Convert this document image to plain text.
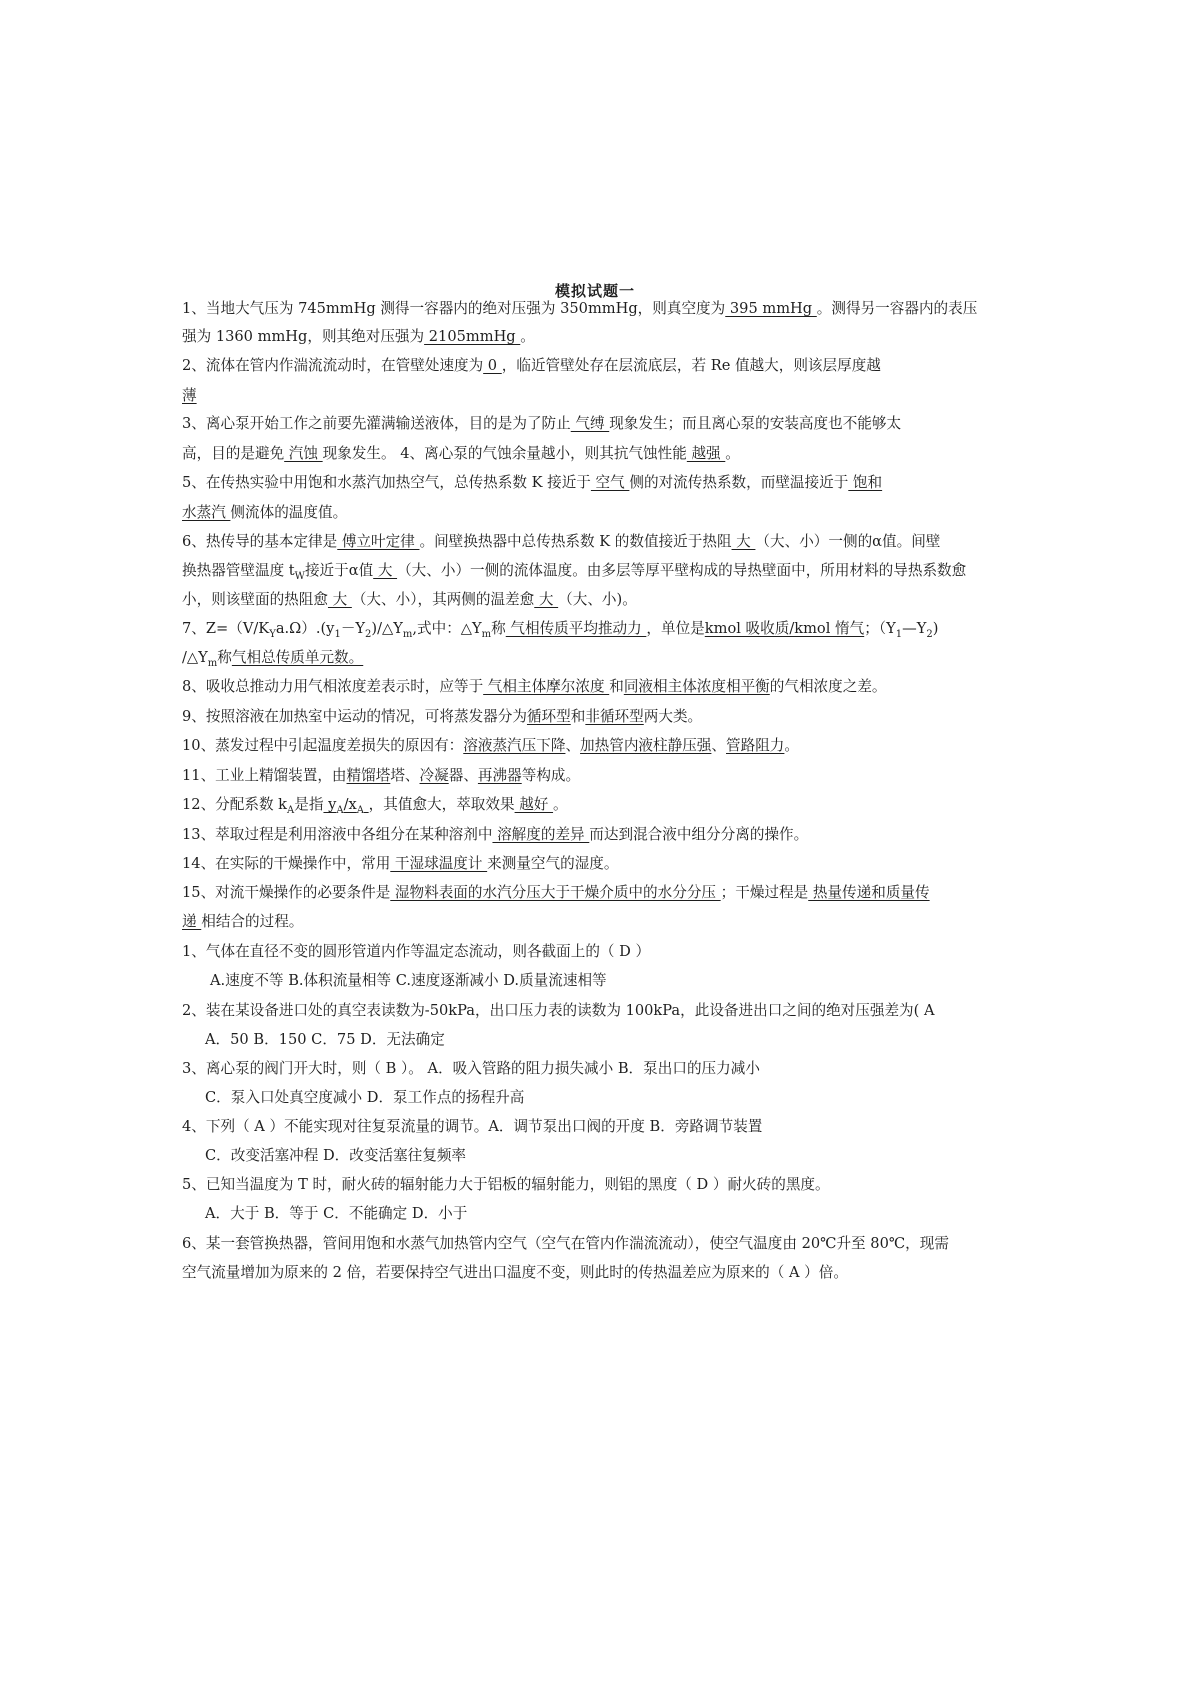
模拟试题一
1、当地大气压为 745mmHg 测得一容器内的绝对压强为 350mmHg，则真空度为 395 mmHg 。测得另一容器内的表压
强为 1360 mmHg，则其绝对压强为 2105mmHg 。
2、流体在管内作湍流流动时，在管壁处速度为 0 ，临近管壁处存在层流底层，若 Re 值越大，则该层厚度越
薄
3、离心泵开始工作之前要先灌满输送液体，目的是为了防止 气缚 现象发生；而且离心泵的安装高度也不能够太
高，目的是避免 汽蚀 现象发生。 4、离心泵的气蚀余量越小，则其抗气蚀性能 越强 。
5、在传热实验中用饱和水蒸汽加热空气，总传热系数 K 接近于 空气 侧的对流传热系数，而壁温接近于 饱和
水蒸汽 侧流体的温度值。
6、热传导的基本定律是 傅立叶定律 。间壁换热器中总传热系数 K 的数值接近于热阻 大 （大、小）一侧的α值。间壁
换热器管壁温度 $t_W$接近于α值 大 （大、小）一侧的流体温度。由多层等厚平壁构成的导热壁面中，所用材料的导热系数愈
小，则该壁面的热阻愈 大 （大、小），其两侧的温差愈 大 （大、小)。
7、$Z=(V/K_Ya.\Omega).(y_1-Y_2)/\triangle Y_m$,式中：$\triangle Y_m$称 气相传质平均推动力 ，单位是kmol 吸收质/kmol 惰气；$(Y_1—Y_2)$
$/\triangle Y_m$称气相总传质单元数。
8、吸收总推动力用气相浓度差表示时，应等于 气相主体摩尔浓度 和同液相主体浓度相平衡的气相浓度之差。
9、按照溶液在加热室中运动的情况，可将蒸发器分为循环型和非循环型两大类。
10、蒸发过程中引起温度差损失的原因有：溶液蒸汽压下降、加热管内液柱静压强、管路阻力。
11、工业上精馏装置，由精馏塔塔、冷凝器、再沸器等构成。
12、分配系数 $k_A$是指 $y_A/x_A$ ，其值愈大，萃取效果 越好 。
13、萃取过程是利用溶液中各组分在某种溶剂中 溶解度的差异 而达到混合液中组分分离的操作。
14、在实际的干燥操作中，常用 干湿球温度计 来测量空气的湿度。
15、对流干燥操作的必要条件是 湿物料表面的水汽分压大于干燥介质中的水分分压 ；干燥过程是 热量传递和质量传
递 相结合的过程。
1、气体在直径不变的圆形管道内作等温定态流动，则各截面上的（ D ）
A.速度不等 B.体积流量相等 C.速度逐渐减小 D.质量流速相等
2、装在某设备进口处的真空表读数为-50kPa，出口压力表的读数为 100kPa，此设备进出口之间的绝对压强差为( A
A．50 B．150 C．75 D．无法确定
3、离心泵的阀门开大时，则（ B ）。 A．吸入管路的阻力损失减小 B．泵出口的压力减小
C．泵入口处真空度减小 D．泵工作点的扬程升高
4、下列（ A ）不能实现对往复泵流量的调节。A．调节泵出口阀的开度 B．旁路调节装置
C．改变活塞冲程 D．改变活塞往复频率
5、已知当温度为 T 时，耐火砖的辐射能力大于铝板的辐射能力，则铝的黑度（ D ）耐火砖的黑度。
A．大于 B．等于 C．不能确定 D．小于
6、某一套管换热器，管间用饱和水蒸气加热管内空气（空气在管内作湍流流动），使空气温度由 20℃升至 80℃，现需
空气流量增加为原来的 2 倍，若要保持空气进出口温度不变，则此时的传热温差应为原来的（ A ）倍。
